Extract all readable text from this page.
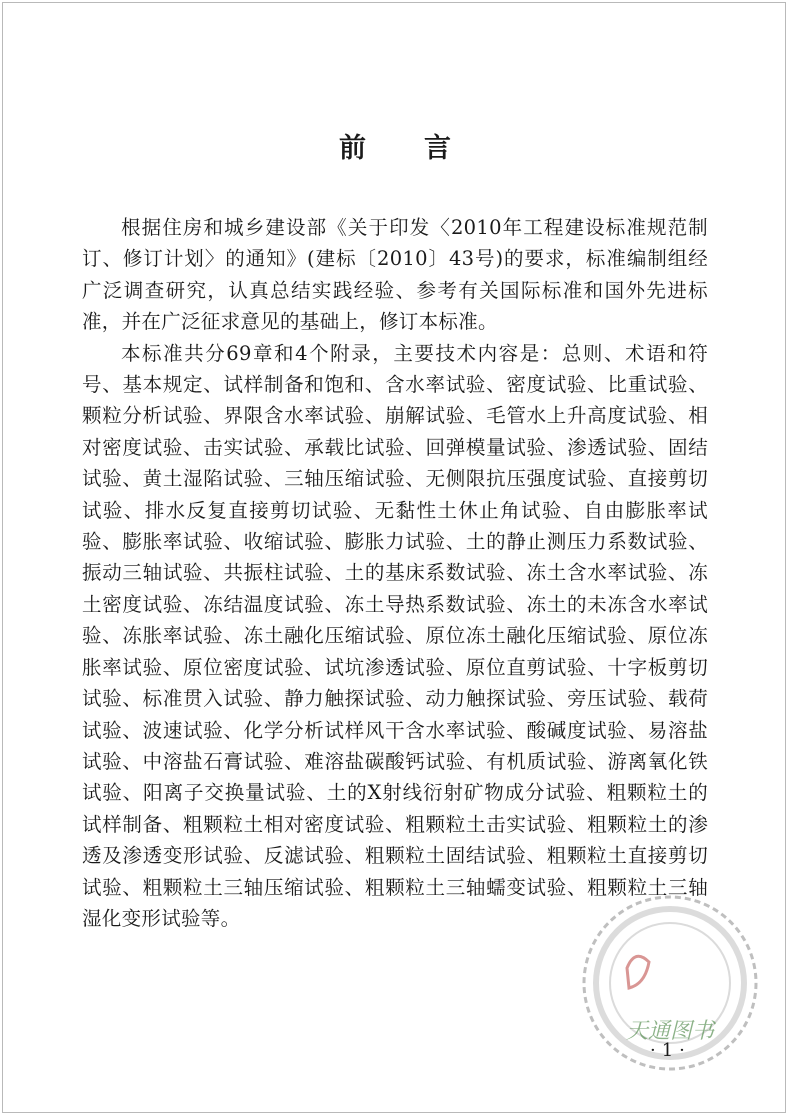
前言

根据住房和城乡建设部《关于印发〈2010年工程建设标准规范制订、修订计划〉的通知》(建标〔2010〕43号)的要求，标准编制组经广泛调查研究，认真总结实践经验、参考有关国际标准和国外先进标准，并在广泛征求意见的基础上，修订本标准。

本标准共分69章和4个附录，主要技术内容是：总则、术语和符号、基本规定、试样制备和饱和、含水率试验、密度试验、比重试验、颗粒分析试验、界限含水率试验、崩解试验、毛管水上升高度试验、相对密度试验、击实试验、承载比试验、回弹模量试验、渗透试验、固结试验、黄土湿陷试验、三轴压缩试验、无侧限抗压强度试验、直接剪切试验、排水反复直接剪切试验、无黏性土休止角试验、自由膨胀率试验、膨胀率试验、收缩试验、膨胀力试验、土的静止测压力系数试验、振动三轴试验、共振柱试验、土的基床系数试验、冻土含水率试验、冻土密度试验、冻结温度试验、冻土导热系数试验、冻土的未冻含水率试验、冻胀率试验、冻土融化压缩试验、原位冻土融化压缩试验、原位冻胀率试验、原位密度试验、试坑渗透试验、原位直剪试验、十字板剪切试验、标准贯入试验、静力触探试验、动力触探试验、旁压试验、载荷试验、波速试验、化学分析试样风干含水率试验、酸碱度试验、易溶盐试验、中溶盐石膏试验、难溶盐碳酸钙试验、有机质试验、游离氧化铁试验、阳离子交换量试验、土的X射线衍射矿物成分试验、粗颗粒土的试样制备、粗颗粒土相对密度试验、粗颗粒土击实试验、粗颗粒土的渗透及渗透变形试验、反滤试验、粗颗粒土固结试验、粗颗粒土直接剪切试验、粗颗粒土三轴压缩试验、粗颗粒土三轴蠕变试验、粗颗粒土三轴湿化变形试验等。

天通图书
·1·
